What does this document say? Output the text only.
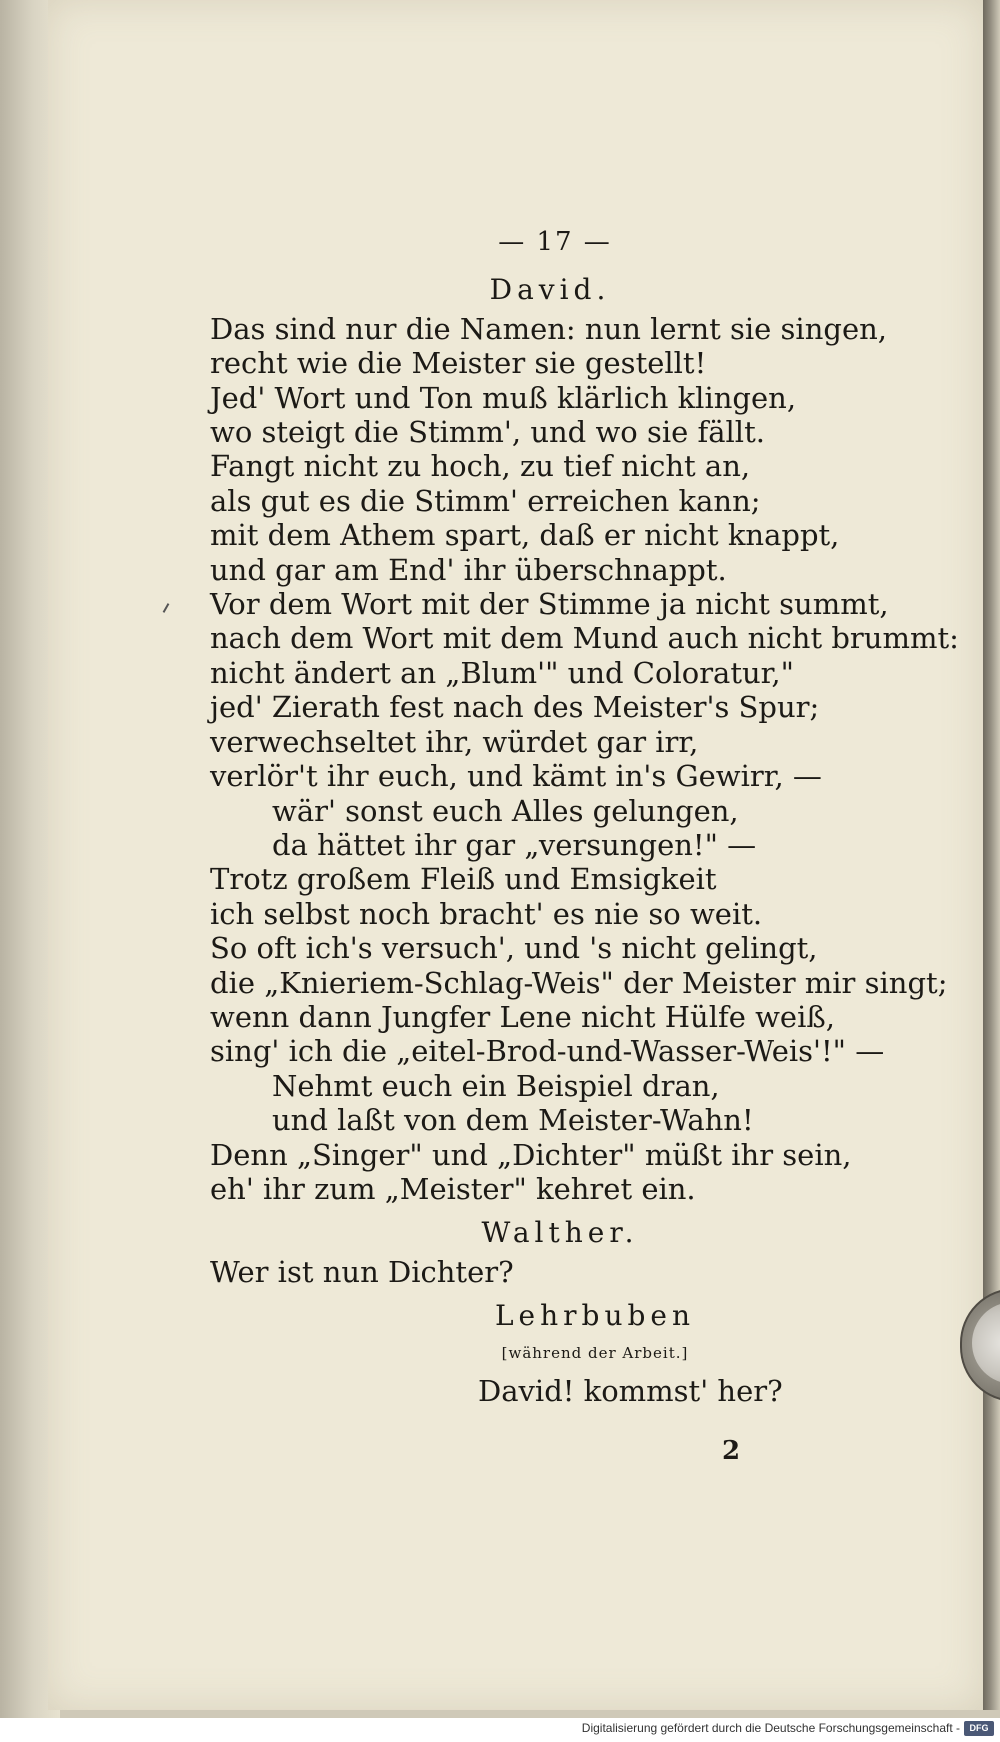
— 17 —
David.
Das sind nur die Namen: nun lernt sie singen,
recht wie die Meister sie gestellt!
Jed' Wort und Ton muß klärlich klingen,
wo steigt die Stimm', und wo sie fällt.
Fangt nicht zu hoch, zu tief nicht an,
als gut es die Stimm' erreichen kann;
mit dem Athem spart, daß er nicht knappt,
und gar am End' ihr überschnappt.
Vor dem Wort mit der Stimme ja nicht summt,
nach dem Wort mit dem Mund auch nicht brummt:
nicht ändert an „Blum'" und Coloratur,"
jed' Zierath fest nach des Meister's Spur;
verwechseltet ihr, würdet gar irr,
verlör't ihr euch, und kämt in's Gewirr, —
wär' sonst euch Alles gelungen,
da hättet ihr gar „versungen!" —
Trotz großem Fleiß und Emsigkeit
ich selbst noch bracht' es nie so weit.
So oft ich's versuch', und 's nicht gelingt,
die „Knieriem-Schlag-Weis" der Meister mir singt;
wenn dann Jungfer Lene nicht Hülfe weiß,
sing' ich die „eitel-Brod-und-Wasser-Weis'!" —
Nehmt euch ein Beispiel dran,
und laßt von dem Meister-Wahn!
Denn „Singer" und „Dichter" müßt ihr sein,
eh' ihr zum „Meister" kehret ein.
Walther.
Wer ist nun Dichter?
Lehrbuben
[während der Arbeit.]
David! kommst' her?
2
Digitalisierung gefördert durch die Deutsche Forschungsgemeinschaft -	DFG
